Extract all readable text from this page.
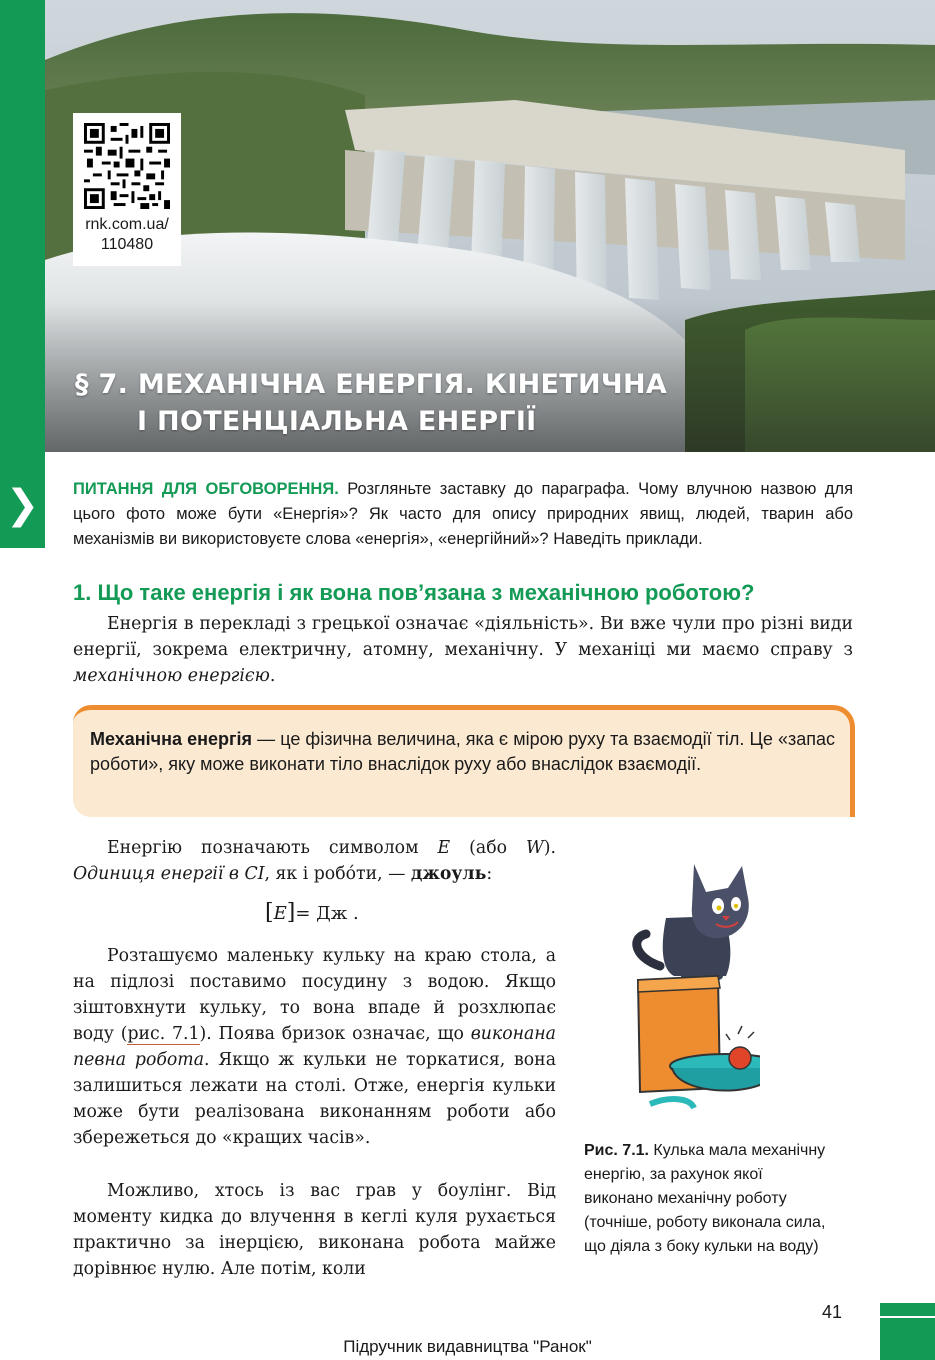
❯
rnk.com.ua/
110480
§ 7. МЕХАНІЧНА ЕНЕРГІЯ. КІНЕТИЧНА
І ПОТЕНЦІАЛЬНА ЕНЕРГІЇ
ПИТАННЯ ДЛЯ ОБГОВОРЕННЯ. Розгляньте заставку до параграфа. Чому влучною назвою для цього фото може бути «Енергія»? Як часто для опису природних явищ, людей, тварин або механізмів ви використовуєте слова «енергія», «енергійний»? Наведіть приклади.
1. Що таке енергія і як вона пов’язана з механічною роботою?
Енергія в перекладі з грецької означає «діяльність». Ви вже чули про різні види енергії, зокрема електричну, атомну, механічну. У механіці ми маємо справу з механічною енергією.
Механічна енергія — це фізична величина, яка є мірою руху та взаємодії тіл. Це «запас роботи», яку може виконати тіло внаслідок руху або внаслідок взаємодії.
Енергію позначають символом E (або W). Одиниця енергії в СІ, як і робо́ти, — джоуль:
[E]= Дж .
Розташуємо маленьку кульку на краю стола, а на підлозі поставимо посудину з водою. Якщо зіштовхнути кульку, то вона впаде й розхлюпає воду (рис. 7.1). Поява бризок означає, що виконана певна робота. Якщо ж кульки не торкатися, вона залишиться лежати на столі. Отже, енергія кульки може бути реалізована виконанням роботи або збережеться до «кращих часів».
Можливо, хтось із вас грав у боулінг. Від моменту кидка до влучення в кеглі куля рухається практично за інерцією, виконана робота майже дорівнює нулю. Але потім, коли
Рис. 7.1. Кулька мала механічну енергію, за рахунок якої виконано механічну роботу (точніше, роботу виконала сила, що діяла з боку кульки на воду)
41
Підручник видавництва "Ранок"
